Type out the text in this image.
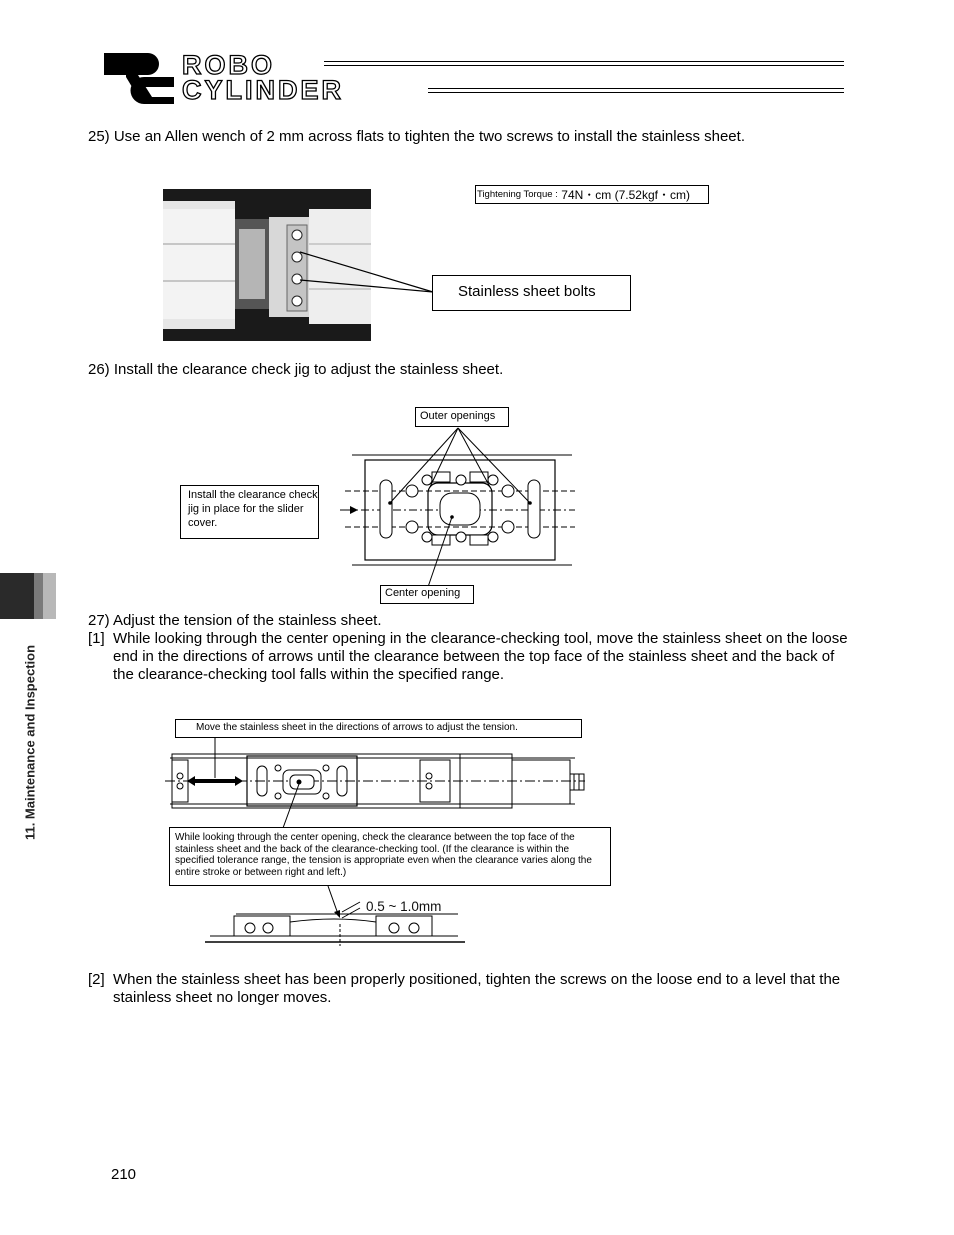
ROBO
CYLINDER
11. Maintenance and Inspection
25) Use an Allen wench of 2 mm across flats to tighten the two screws to install the stainless sheet.
Tightening Torque : 74N・cm (7.52kgf・cm)
Stainless sheet bolts
26) Install the clearance check jig to adjust the stainless sheet.
Outer openings
Install the clearance check jig in place for the slider cover.
Center opening
27) Adjust the tension of the stainless sheet.
[1] While looking through the center opening in the clearance-checking tool, move the stainless sheet on the loose end in the directions of arrows until the clearance between the top face of the stainless sheet and the back of the clearance-checking tool falls within the specified range.
Move the stainless sheet in the directions of arrows to adjust the tension.
While looking through the center opening, check the clearance between the top face of the stainless sheet and the back of the clearance-checking tool. (If the clearance is within the specified tolerance range, the tension is appropriate even when the clearance varies along the entire stroke or between right and left.)
0.5 ~ 1.0mm
[2] When the stainless sheet has been properly positioned, tighten the screws on the loose end to a level that the stainless sheet no longer moves.
210
